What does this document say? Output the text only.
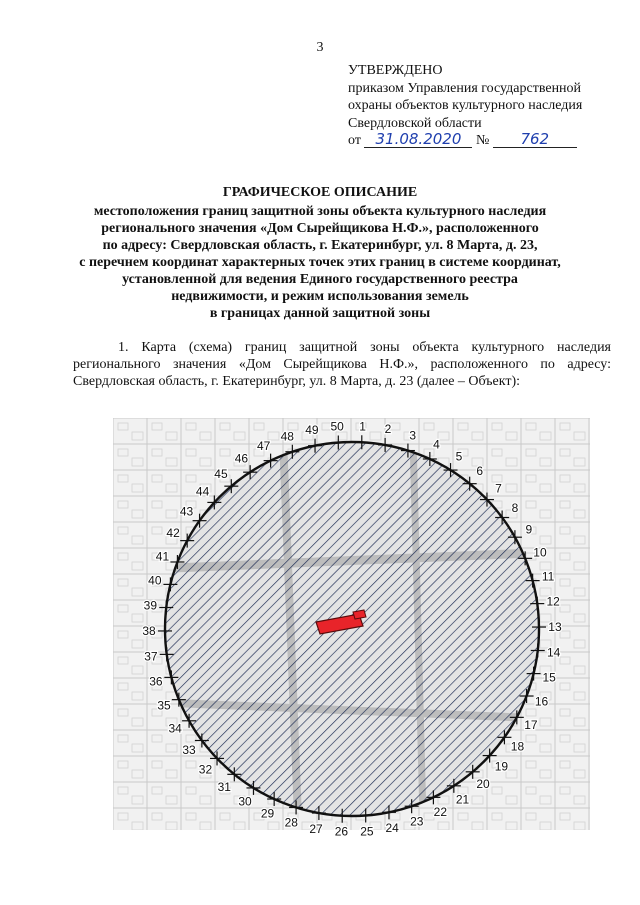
3
УТВЕРЖДЕНО
приказом Управления государственной
охраны объектов культурного наследия
Свердловской области
от 31.08.2020 № 762
ГРАФИЧЕСКОЕ ОПИСАНИЕ
местоположения границ защитной зоны объекта культурного наследия
регионального значения «Дом Сырейщикова Н.Ф.», расположенного
по адресу: Свердловская область, г. Екатеринбург, ул. 8 Марта, д. 23,
с перечнем координат характерных точек этих границ в системе координат,
установленной для ведения Единого государственного реестра
недвижимости, и режим использования земель
в границах данной защитной зоны
1. Карта (схема) границ защитной зоны объекта культурного наследия регионального значения «Дом Сырейщикова Н.Ф.», расположенного по адресу: Свердловская область, г. Екатеринбург, ул. 8 Марта, д. 23 (далее – Объект):
1 2 3
4
5
6
7
8
9
10
11
12
13
14
15
16
17
18
19
20
21
22
23
24
25
26
27
28
29
30
31
32
33
34
35
36
37
38
39
40
41
42
43
44
45
46
47
48 49 50
